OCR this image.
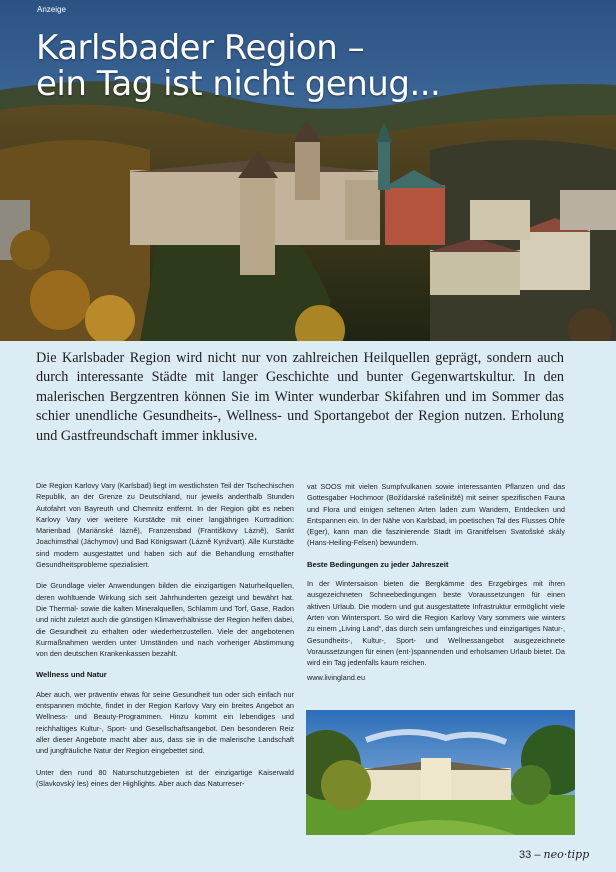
Anzeige
Karlsbader Region –
ein Tag ist nicht genug...

Die Karlsbader Region wird nicht nur von zahlreichen Heilquellen geprägt, sondern auch durch interessante Städte mit langer Geschichte und bunter Gegenwartskultur. In den malerischen Bergzentren können Sie im Winter wunderbar Skifahren und im Sommer das schier unendliche Gesundheits-, Wellness- und Sportangebot der Region nutzen. Erholung und Gastfreundschaft immer inklusive.

Die Region Karlovy Vary (Karlsbad) liegt im westlichsten Teil der Tschechischen Republik, an der Grenze zu Deutschland, nur jeweils anderthalb Stunden Autofahrt von Bayreuth und Chemnitz entfernt. In der Region gibt es neben Karlovy Vary vier weitere Kurstädte mit einer langjährigen Kurtradition: Marienbad (Mariánské lázně), Franzensbad (Františkovy Lázně), Sankt Joachimsthal (Jáchymov) und Bad Königswart (Lázně Kynžvart). Alle Kurstädte sind modern ausgestattet und haben sich auf die Behandlung ernsthafter Gesundheitsprobleme spezialisiert.

Die Grundlage vieler Anwendungen bilden die einzigartigen Naturheilquellen, deren wohltuende Wirkung sich seit Jahrhunderten gezeigt und bewährt hat. Die Thermal- sowie die kalten Mineralquellen, Schlamm und Torf, Gase, Radon und nicht zuletzt auch die günstigen Klimaverhältnisse der Region helfen dabei, die Gesundheit zu erhalten oder wiederherzustellen. Viele der angebotenen Kurmaßnahmen werden unter Umständen und nach vorheriger Abstimmung von den deutschen Krankenkassen bezahlt.

Wellness und Natur

Aber auch, wer präventiv etwas für seine Gesundheit tun oder sich einfach nur entspannen möchte, findet in der Region Karlovy Vary ein breites Angebot an Wellness- und Beauty-Programmen. Hinzu kommt ein lebendiges und reichhaltiges Kultur-, Sport- und Gesellschaftsangebot. Den besonderen Reiz aller dieser Angebote macht aber aus, dass sie in die malerische Landschaft und jungfräuliche Natur der Region eingebettet sind.

Unter den rund 80 Naturschutzgebieten ist der einzigartige Kaiserwald (Slavkovský les) eines der Highlights. Aber auch das Naturreser-

vat SOOS mit vielen Sumpfvulkanen sowie interessanten Pflanzen und das Gottesgaber Hochmoor (Božídarské rašeliniště) mit seiner spezifischen Fauna und Flora und einigen seltenen Arten laden zum Wandern, Entdecken und Entspannen ein. In der Nähe von Karlsbad, im poetischen Tal des Flusses Ohře (Eger), kann man die faszinierende Stadt im Granitfelsen Svatošské skály (Hans-Heiling-Felsen) bewundern.

Beste Bedingungen zu jeder Jahreszeit

In der Wintersaison bieten die Bergkämme des Erzgebirges mit ihren ausgezeichneten Schneebedingungen beste Voraussetzungen für einen aktiven Urlaub. Die modern und gut ausgestattete Infrastruktur ermöglicht viele Arten von Wintersport. So wird die Region Karlovy Vary sommers wie winters zu einem „Living Land“, das durch sein umfangreiches und einzigartiges Natur-, Gesundheits-, Kultur-, Sport- und Wellnessangebot ausgezeichnete Voraussetzungen für einen (ent-)spannenden und erholsamen Urlaub bietet. Da wird ein Tag jedenfalls kaum reichen.

www.livingland.eu

33 – neo·tipp
